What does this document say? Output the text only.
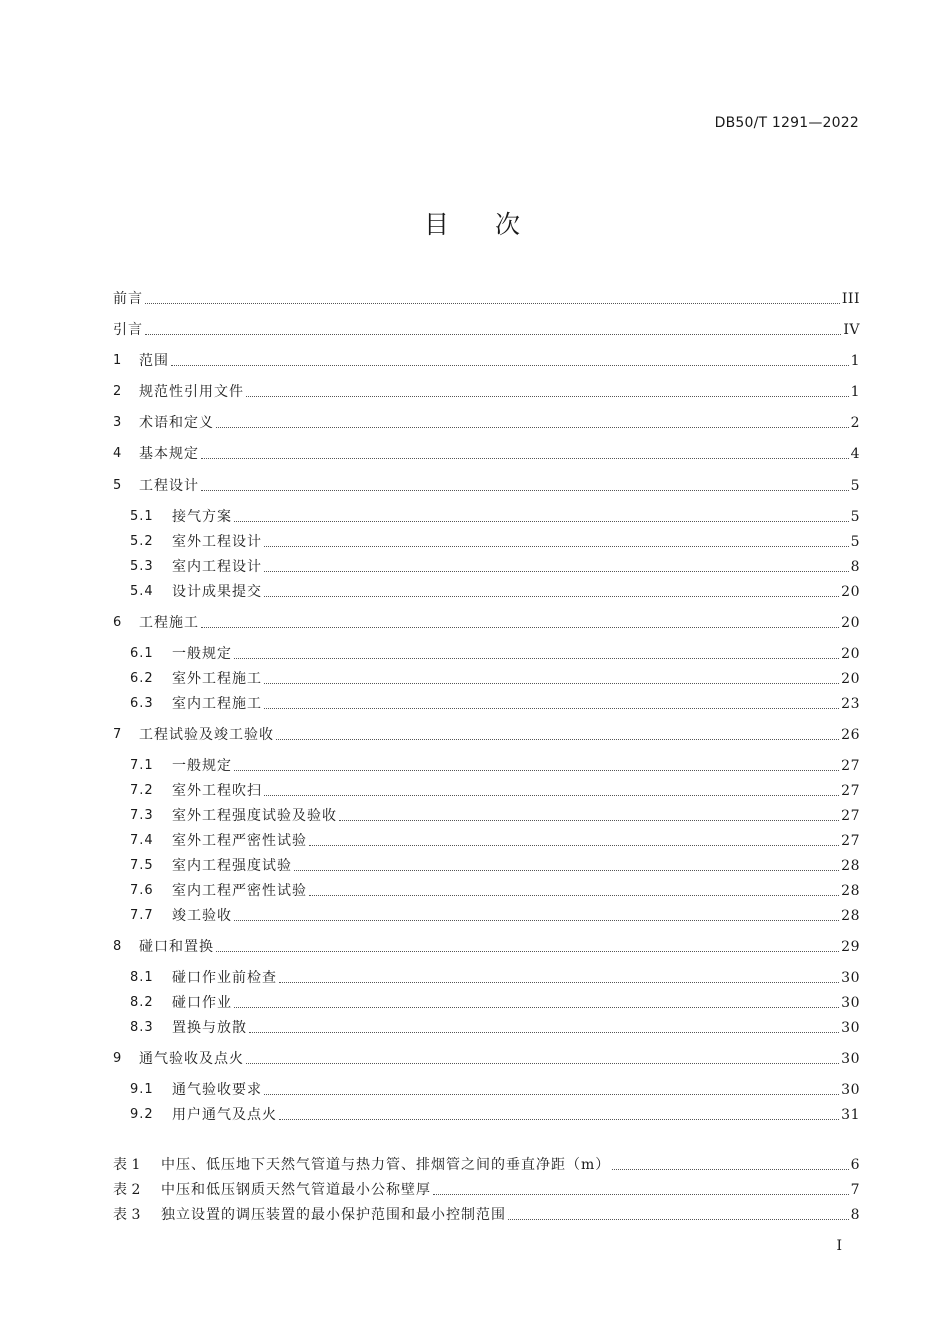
DB50/T 1291—2022
目次
前言	III
引言	IV
1	范围	1
2	规范性引用文件	1
3	术语和定义	2
4	基本规定	4
5	工程设计	5
5.1	接气方案	5
5.2	室外工程设计	5
5.3	室内工程设计	8
5.4	设计成果提交	20
6	工程施工	20
6.1	一般规定	20
6.2	室外工程施工	20
6.3	室内工程施工	23
7	工程试验及竣工验收	26
7.1	一般规定	27
7.2	室外工程吹扫	27
7.3	室外工程强度试验及验收	27
7.4	室外工程严密性试验	27
7.5	室内工程强度试验	28
7.6	室内工程严密性试验	28
7.7	竣工验收	28
8	碰口和置换	29
8.1	碰口作业前检查	30
8.2	碰口作业	30
8.3	置换与放散	30
9	通气验收及点火	30
9.1	通气验收要求	30
9.2	用户通气及点火	31
表 1	中压、低压地下天然气管道与热力管、排烟管之间的垂直净距（m）	6
表 2	中压和低压钢质天然气管道最小公称壁厚	7
表 3	独立设置的调压装置的最小保护范围和最小控制范围	8
I
